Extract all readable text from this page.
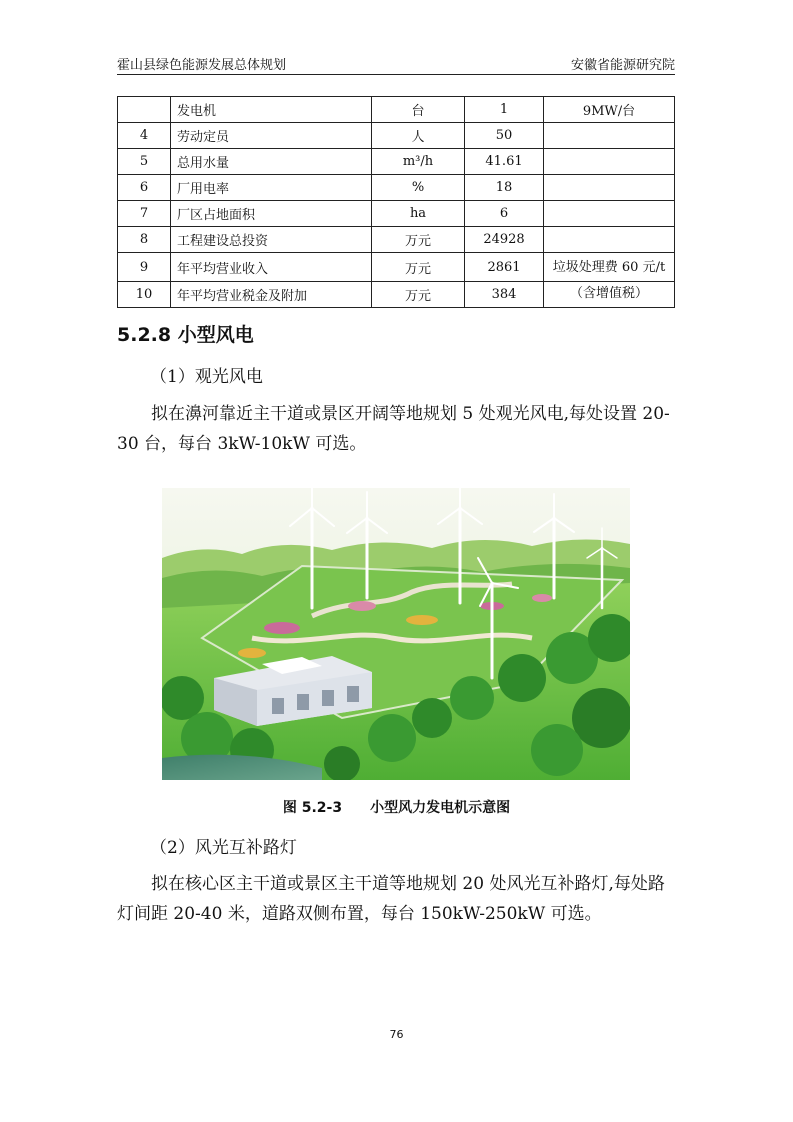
霍山县绿色能源发展总体规划	安徽省能源研究院
	发电机	台	1	9MW/台
4	劳动定员	人	50	
5	总用水量	m³/h	41.61	
6	厂用电率	%	18	
7	厂区占地面积	ha	6	
8	工程建设总投资	万元	24928	
9	年平均营业收入	万元	2861	垃圾处理费 60 元/t
10	年平均营业税金及附加	万元	384	（含增值税）
5.2.8 小型风电
（1）观光风电
拟在濞河靠近主干道或景区开阔等地规划 5 处观光风电,每处设置 20-30 台，每台 3kW-10kW 可选。
图 5.2-3　　小型风力发电机示意图
（2）风光互补路灯
拟在核心区主干道或景区主干道等地规划 20 处风光互补路灯,每处路灯间距 20-40 米，道路双侧布置，每台 150kW-250kW 可选。
76
